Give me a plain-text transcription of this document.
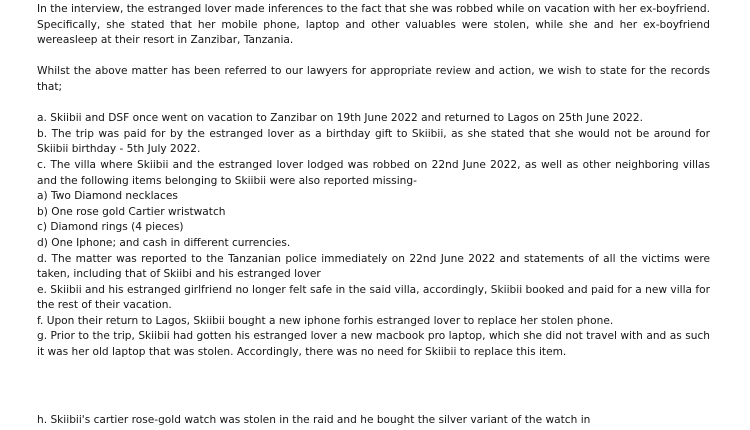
In the interview, the estranged lover made inferences to the fact that she was robbed while on vacation with her ex-boyfriend. Specifically, she stated that her mobile phone, laptop and other valuables were stolen, while she and her ex-boyfriend wereasleep at their resort in Zanzibar, Tanzania.

Whilst the above matter has been referred to our lawyers for appropriate review and action, we wish to state for the records that;

a. Skiibii and DSF once went on vacation to Zanzibar on 19th June 2022 and returned to Lagos on 25th June 2022.

b. The trip was paid for by the estranged lover as a birthday gift to Skiibii, as she stated that she would not be around for Skiibii birthday - 5th July 2022.

c. The villa where Skiibii and the estranged lover lodged was robbed on 22nd June 2022, as well as other neighboring villas and the following items belonging to Skiibii were also reported missing-

a) Two Diamond necklaces

b) One rose gold Cartier wristwatch

c) Diamond rings (4 pieces)

d) One Iphone; and cash in different currencies.

d. The matter was reported to the Tanzanian police immediately on 22nd June 2022 and statements of all the victims were taken, including that of Skiibi and his estranged lover

e. Skiibii and his estranged girlfriend no longer felt safe in the said villa, accordingly, Skiibii booked and paid for a new villa for the rest of their vacation.

f. Upon their return to Lagos, Skiibii bought a new iphone forhis estranged lover to replace her stolen phone.

g. Prior to the trip, Skiibii had gotten his estranged lover a new macbook pro laptop, which she did not travel with and as such it was her old laptop that was stolen. Accordingly, there was no need for Skiibii to replace this item.

h. Skiibii's cartier rose-gold watch was stolen in the raid and he bought the silver variant of the watch in
